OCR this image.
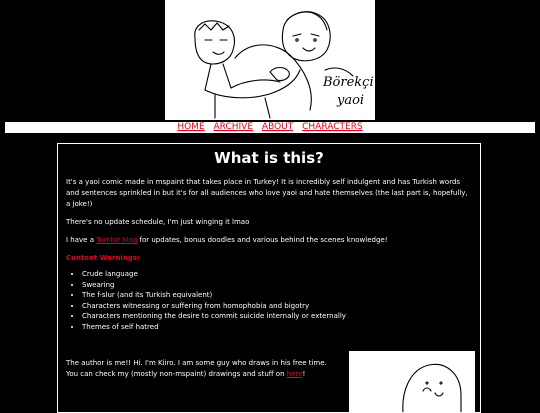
Börekçi
yaoi
HOME ARCHIVE ABOUT CHARACTERS
What is this?

It's a yaoi comic made in mspaint that takes place in Turkey! It is incredibly self indulgent and has Turkish words and sentences sprinkled in but it's for all audiences who love yaoi and hate themselves (the last part is, hopefully, a joke!)

There's no update schedule, I'm just winging it lmao

I have a Tumblr blog for updates, bonus doodles and various behind the scenes knowledge!

Content Warnings:
• Crude language
• Swearing
• The f-slur (and its Turkish equivalent)
• Characters witnessing or suffering from homophobia and bigotry
• Characters mentioning the desire to commit suicide internally or externally
• Themes of self hatred

The author is me!! Hi. I'm Kiiro. I am some guy who draws in his free time.

You can check my (mostly non-mspaint) drawings and stuff on here!
